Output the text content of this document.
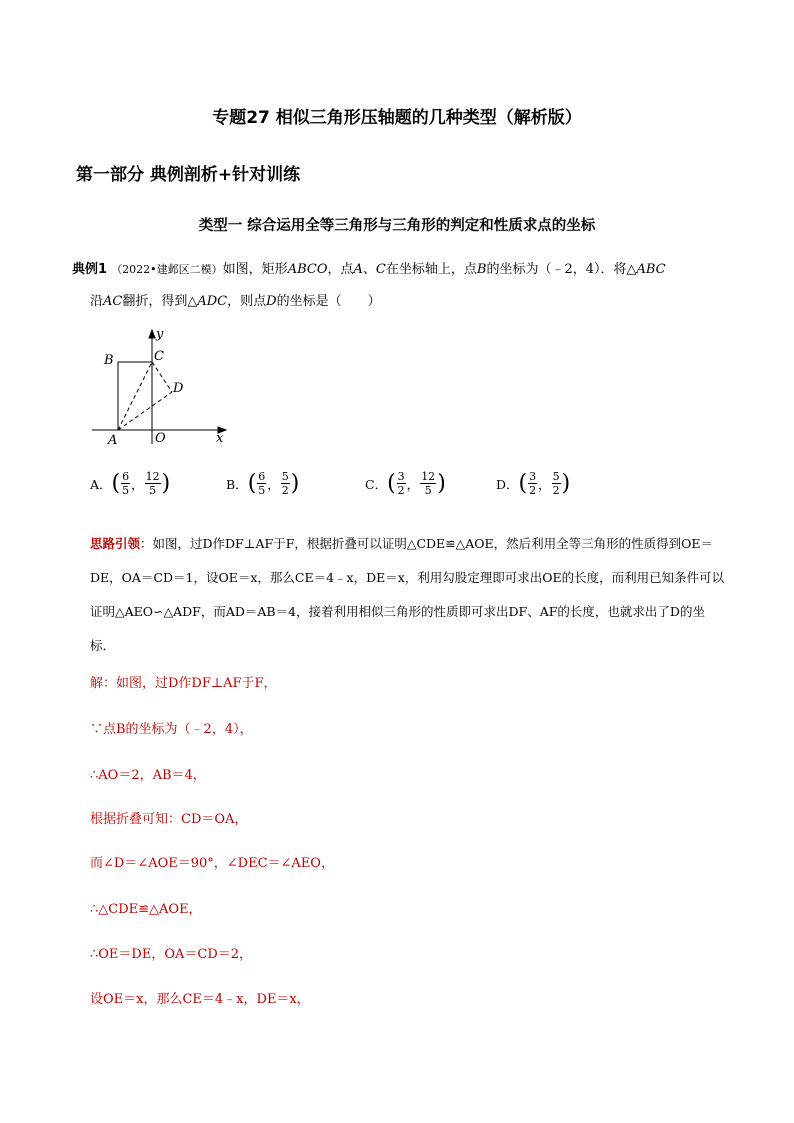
专题27 相似三角形压轴题的几种类型（解析版）
第一部分 典例剖析+针对训练
类型一 综合运用全等三角形与三角形的判定和性质求点的坐标
典例1 （2022•建邺区二模）如图，矩形ABCO，点A、C在坐标轴上，点B的坐标为（﹣2，4）．将△ABC
沿AC翻折，得到△ADC，则点D的坐标是（　　）
B	C
D
A	O	x
y
A． ( $\frac{6}{5}$ ， $\frac{12}{5}$ )	B． ( $\frac{6}{5}$ ， $\frac{5}{2}$ )	C． ( $\frac{3}{2}$ ， $\frac{12}{5}$ )	D． ( $\frac{3}{2}$ ， $\frac{5}{2}$ )
思路引领：如图，过D作DF⊥AF于F，根据折叠可以证明△CDE≌△AOE，然后利用全等三角形的性质得到OE＝DE，OA＝CD＝1，设OE＝x，那么CE＝4﹣x，DE＝x，利用勾股定理即可求出OE的长度，而利用已知条件可以证明△AEO∽△ADF，而AD＝AB＝4，接着利用相似三角形的性质即可求出DF、AF的长度，也就求出了D的坐标．
解：如图，过D作DF⊥AF于F，
∵点B的坐标为（﹣2，4），
∴AO＝2，AB＝4，
根据折叠可知：CD＝OA，
而∠D＝∠AOE＝90°，∠DEC＝∠AEO，
∴△CDE≌△AOE，
∴OE＝DE，OA＝CD＝2，
设OE＝x，那么CE＝4﹣x，DE＝x，
